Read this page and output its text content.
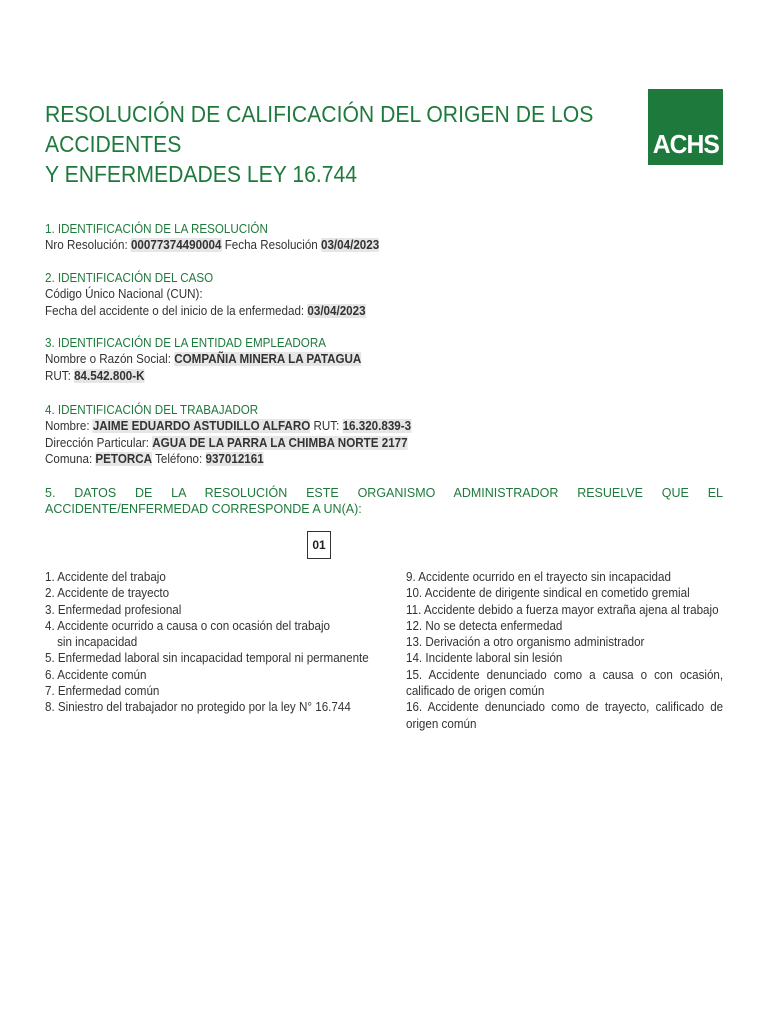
RESOLUCIÓN DE CALIFICACIÓN DEL ORIGEN DE LOS
ACCIDENTES
Y ENFERMEDADES LEY 16.744
ACHS
1. IDENTIFICACIÓN DE LA RESOLUCIÓN
Nro Resolución: 00077374490004 Fecha Resolución 03/04/2023
2. IDENTIFICACIÓN DEL CASO
Código Único Nacional (CUN):
Fecha del accidente o del inicio de la enfermedad: 03/04/2023
3. IDENTIFICACIÓN DE LA ENTIDAD EMPLEADORA
Nombre o Razón Social: COMPAÑIA MINERA LA PATAGUA
RUT: 84.542.800-K
4. IDENTIFICACIÓN DEL TRABAJADOR
Nombre: JAIME EDUARDO ASTUDILLO ALFARO RUT: 16.320.839-3
Dirección Particular: AGUA DE LA PARRA LA CHIMBA NORTE 2177
Comuna: PETORCA Teléfono: 937012161
5. DATOS DE LA RESOLUCIÓN ESTE ORGANISMO ADMINISTRADOR RESUELVE QUE EL ACCIDENTE/ENFERMEDAD CORRESPONDE A UN(A):
01
1. Accidente del trabajo
2. Accidente de trayecto
3. Enfermedad profesional
4. Accidente ocurrido a causa o con ocasión del trabajo
sin incapacidad
5. Enfermedad laboral sin incapacidad temporal ni permanente
6. Accidente común
7. Enfermedad común
8. Siniestro del trabajador no protegido por la ley N° 16.744
9. Accidente ocurrido en el trayecto sin incapacidad
10. Accidente de dirigente sindical en cometido gremial
11. Accidente debido a fuerza mayor extraña ajena al trabajo
12. No se detecta enfermedad
13. Derivación a otro organismo administrador
14. Incidente laboral sin lesión
15. Accidente denunciado como a causa o con ocasión, calificado de origen común
16. Accidente denunciado como de trayecto, calificado de origen común
